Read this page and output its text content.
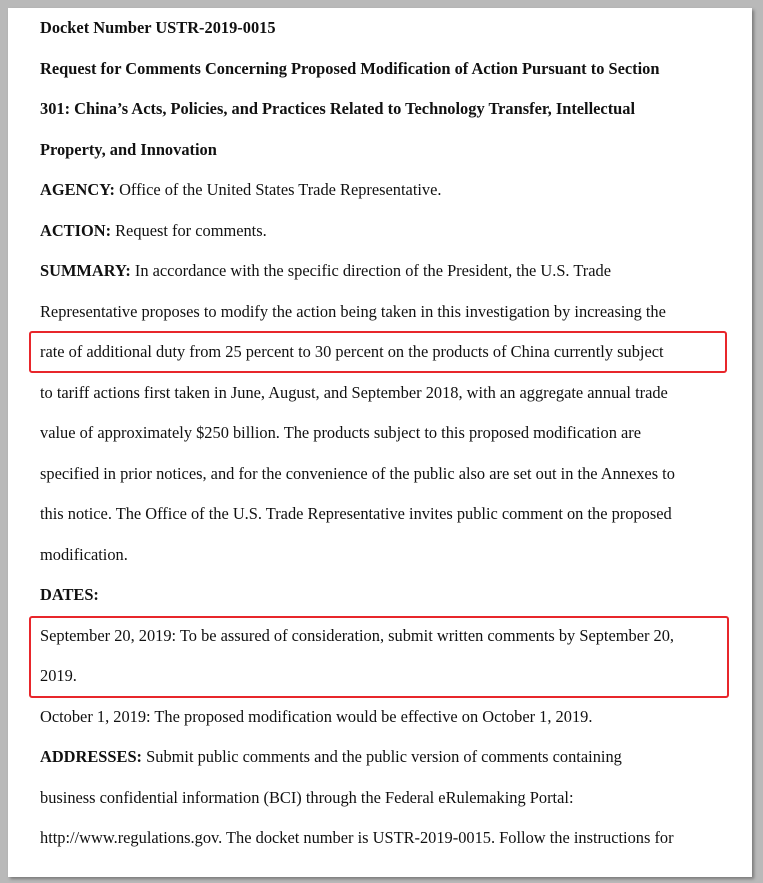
Docket Number USTR-2019-0015
Request for Comments Concerning Proposed Modification of Action Pursuant to Section
301: China’s Acts, Policies, and Practices Related to Technology Transfer, Intellectual
Property, and Innovation
AGENCY: Office of the United States Trade Representative.
ACTION: Request for comments.
SUMMARY: In accordance with the specific direction of the President, the U.S. Trade
Representative proposes to modify the action being taken in this investigation by increasing the
rate of additional duty from 25 percent to 30 percent on the products of China currently subject
to tariff actions first taken in June, August, and September 2018, with an aggregate annual trade
value of approximately $250 billion. The products subject to this proposed modification are
specified in prior notices, and for the convenience of the public also are set out in the Annexes to
this notice. The Office of the U.S. Trade Representative invites public comment on the proposed
modification.
DATES:
September 20, 2019: To be assured of consideration, submit written comments by September 20,
2019.
October 1, 2019: The proposed modification would be effective on October 1, 2019.
ADDRESSES: Submit public comments and the public version of comments containing
business confidential information (BCI) through the Federal eRulemaking Portal:
http://www.regulations.gov. The docket number is USTR-2019-0015. Follow the instructions for
